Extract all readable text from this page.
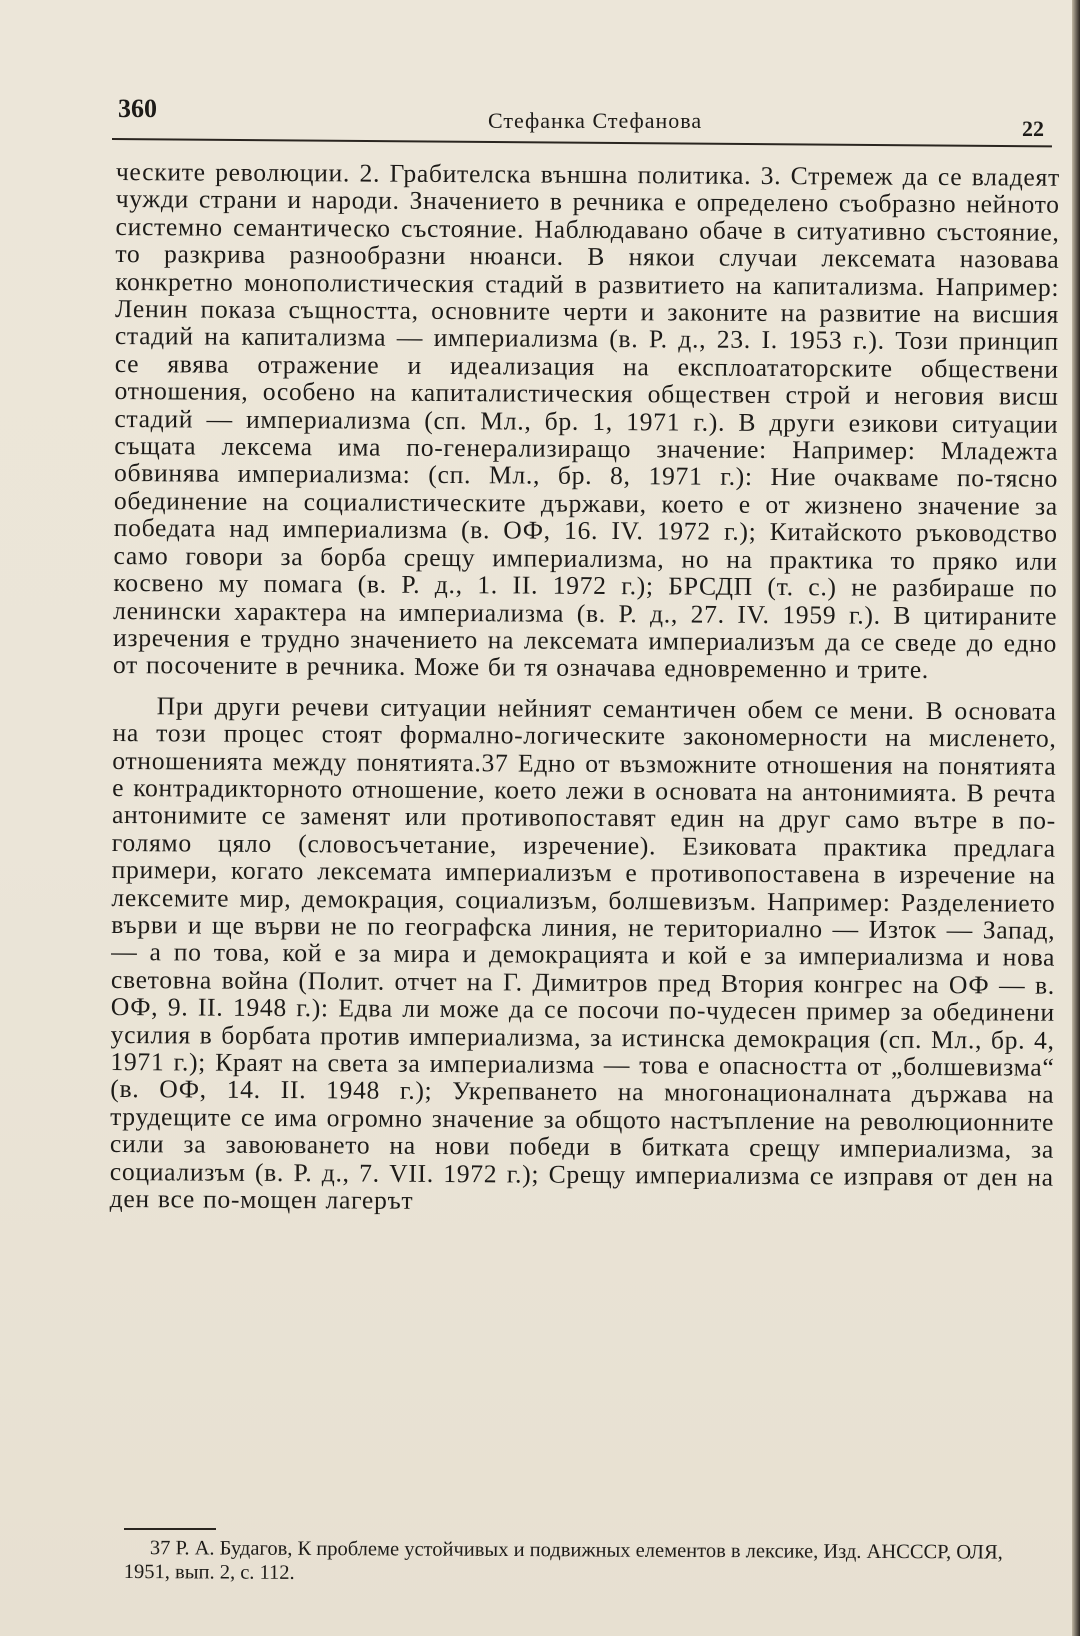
360	Стефанка Стефанова	22

ческите революции. 2. Грабителска външна политика. 3. Стремеж да се владеят чужди страни и народи. Значението в речника е определено съобразно нейното системно семантическо състояние. Наблюдавано обаче в ситуативно състояние, то разкрива разнообразни нюанси. В някои случаи лексемата назовава конкретно монополистическия стадий в развитието на капитализма. Например: Ленин показа същността, основните черти и законите на развитие на висшия стадий на капитализма — империализма (в. Р. д., 23. I. 1953 г.). Този принцип се явява отражение и идеализация на експлоататорските обществени отношения, особено на капиталистическия обществен строй и неговия висш стадий — империализма (сп. Мл., бр. 1, 1971 г.). В други езикови ситуации същата лексема има по-генерализиращо значение: Например: Младежта обвинява империализма: (сп. Мл., бр. 8, 1971 г.): Ние очакваме по-тясно обединение на социалистическите държави, което е от жизнено значение за победата над империализма (в. ОФ, 16. IV. 1972 г.); Китайското ръководство само говори за борба срещу империализма, но на практика то пряко или косвено му помага (в. Р. д., 1. II. 1972 г.); БРСДП (т. с.) не разбираше по ленински характера на империализма (в. Р. д., 27. IV. 1959 г.). В цитираните изречения е трудно значението на лексемата империализъм да се сведе до едно от посочените в речника. Може би тя означава едновременно и трите.

При други речеви ситуации нейният семантичен обем се мени. В основата на този процес стоят формално-логическите закономерности на мисленето, отношенията между понятията.37 Едно от възможните отношения на понятията е контрадикторното отношение, което лежи в основата на антонимията. В речта антонимите се заменят или противопоставят един на друг само вътре в по-голямо цяло (словосъчетание, изречение). Езиковата практика предлага примери, когато лексемата империализъм е противопоставена в изречение на лексемите мир, демокрация, социализъм, болшевизъм. Например: Разделението върви и ще върви не по географска линия, не териториално — Изток — Запад, — а по това, кой е за мира и демокрацията и кой е за империализма и нова световна война (Полит. отчет на Г. Димитров пред Втория конгрес на ОФ — в. ОФ, 9. II. 1948 г.): Едва ли може да се посочи по-чудесен пример за обединени усилия в борбата против империализма, за истинска демокрация (сп. Мл., бр. 4, 1971 г.); Краят на света за империализма — това е опасността от „болшевизма“ (в. ОФ, 14. II. 1948 г.); Укрепването на многонационалната държава на трудещите се има огромно значение за общото настъпление на революционните сили за завоюването на нови победи в битката срещу империализма, за социализъм (в. Р. д., 7. VII. 1972 г.); Срещу империализма се изправя от ден на ден все по-мощен лагерът

37 Р. А. Будагов, К проблеме устойчивых и подвижных елементов в лексике, Изд. АНСССР, ОЛЯ, 1951, вып. 2, с. 112.
